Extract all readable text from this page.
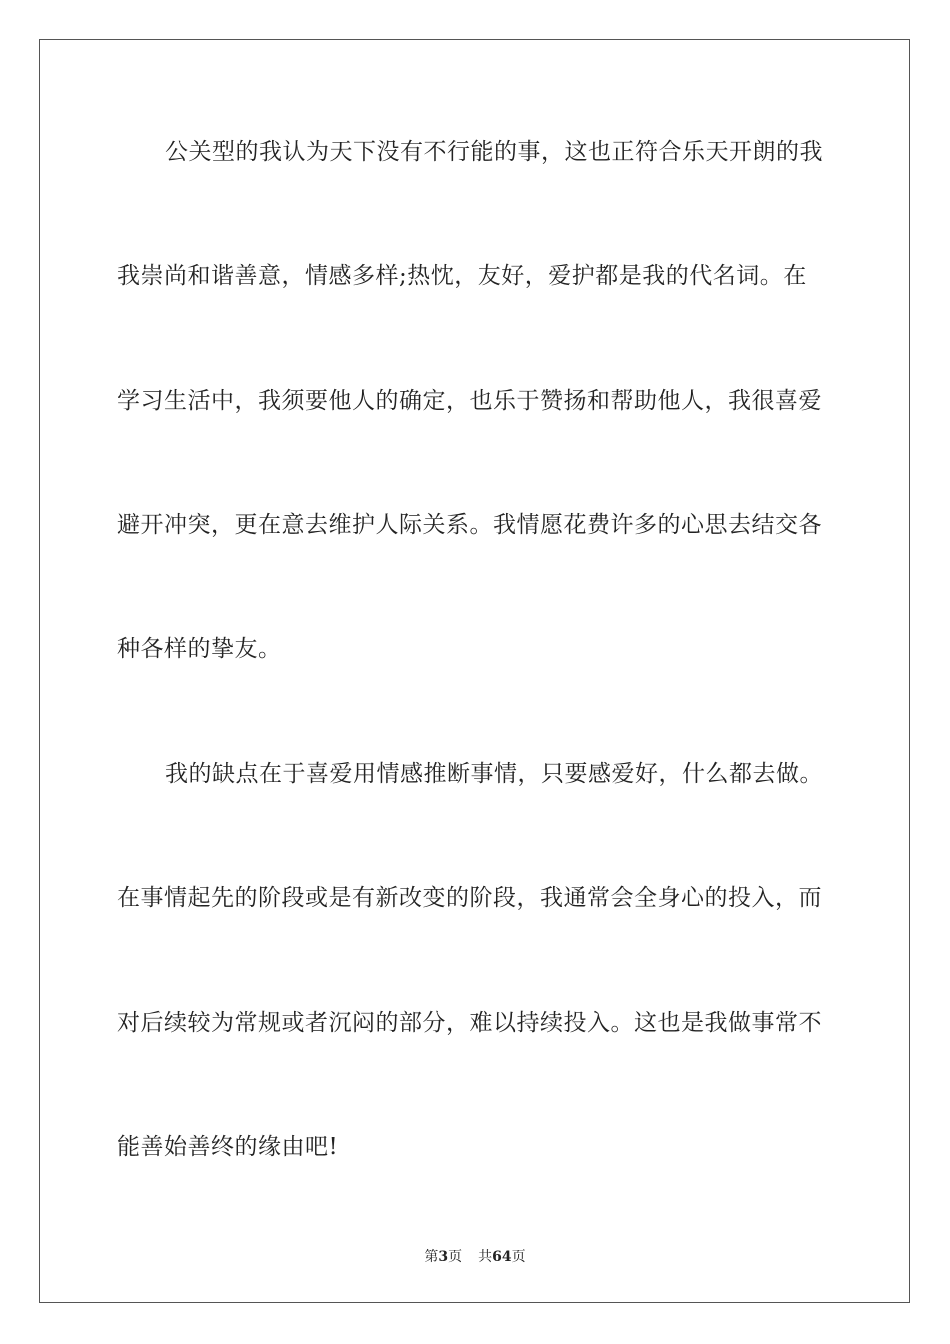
公关型的我认为天下没有不行能的事，这也正符合乐天开朗的我
我崇尚和谐善意，情感多样;热忱，友好，爱护都是我的代名词。在
学习生活中，我须要他人的确定，也乐于赞扬和帮助他人，我很喜爱
避开冲突，更在意去维护人际关系。我情愿花费许多的心思去结交各
种各样的挚友。
我的缺点在于喜爱用情感推断事情，只要感爱好，什么都去做。
在事情起先的阶段或是有新改变的阶段，我通常会全身心的投入，而
对后续较为常规或者沉闷的部分，难以持续投入。这也是我做事常不
能善始善终的缘由吧!
第3页 共64页
